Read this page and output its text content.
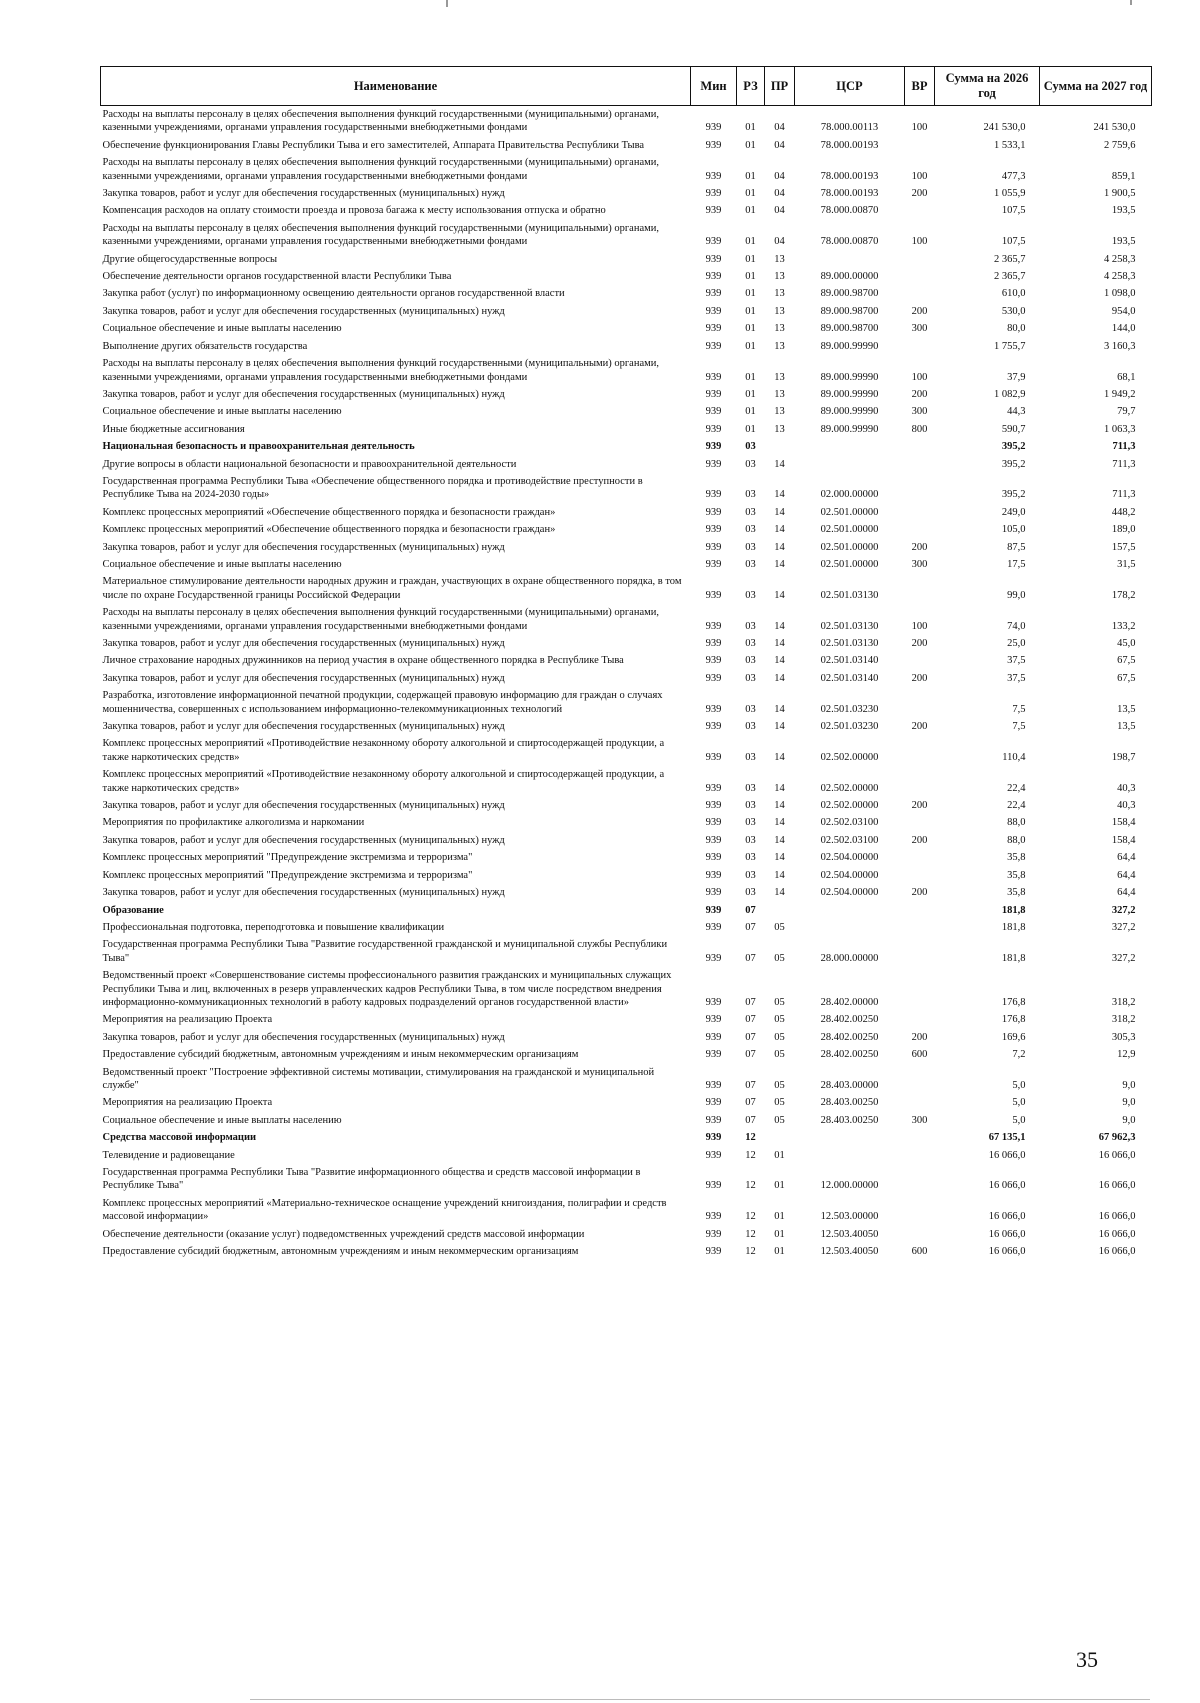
Наименование	Мин	РЗ	ПР	ЦСР	ВР	Сумма на 2026 год	Сумма на 2027 год
Расходы на выплаты персоналу в целях обеспечения выполнения функций государственными (муниципальными) органами, казенными учреждениями, органами управления государственными внебюджетными фондами	939	01	04	78.000.00113	100	241 530,0	241 530,0
Обеспечение функционирования Главы Республики Тыва и его заместителей, Аппарата Правительства Республики Тыва	939	01	04	78.000.00193		1 533,1	2 759,6
Расходы на выплаты персоналу в целях обеспечения выполнения функций государственными (муниципальными) органами, казенными учреждениями, органами управления государственными внебюджетными фондами	939	01	04	78.000.00193	100	477,3	859,1
Закупка товаров, работ и услуг для обеспечения государственных (муниципальных) нужд	939	01	04	78.000.00193	200	1 055,9	1 900,5
Компенсация расходов на оплату стоимости проезда и провоза багажа к месту использования отпуска и обратно	939	01	04	78.000.00870		107,5	193,5
Расходы на выплаты персоналу в целях обеспечения выполнения функций государственными (муниципальными) органами, казенными учреждениями, органами управления государственными внебюджетными фондами	939	01	04	78.000.00870	100	107,5	193,5
Другие общегосударственные вопросы	939	01	13			2 365,7	4 258,3
Обеспечение деятельности органов государственной власти Республики Тыва	939	01	13	89.000.00000		2 365,7	4 258,3
Закупка работ (услуг) по информационному освещению деятельности органов государственной власти	939	01	13	89.000.98700		610,0	1 098,0
Закупка товаров, работ и услуг для обеспечения государственных (муниципальных) нужд	939	01	13	89.000.98700	200	530,0	954,0
Социальное обеспечение и иные выплаты населению	939	01	13	89.000.98700	300	80,0	144,0
Выполнение других обязательств государства	939	01	13	89.000.99990		1 755,7	3 160,3
Расходы на выплаты персоналу в целях обеспечения выполнения функций государственными (муниципальными) органами, казенными учреждениями, органами управления государственными внебюджетными фондами	939	01	13	89.000.99990	100	37,9	68,1
Закупка товаров, работ и услуг для обеспечения государственных (муниципальных) нужд	939	01	13	89.000.99990	200	1 082,9	1 949,2
Социальное обеспечение и иные выплаты населению	939	01	13	89.000.99990	300	44,3	79,7
Иные бюджетные ассигнования	939	01	13	89.000.99990	800	590,7	1 063,3
Национальная безопасность и правоохранительная деятельность	939	03				395,2	711,3
Другие вопросы в области национальной безопасности и правоохранительной деятельности	939	03	14			395,2	711,3
Государственная программа Республики Тыва «Обеспечение общественного порядка и противодействие преступности в Республике Тыва на 2024-2030 годы»	939	03	14	02.000.00000		395,2	711,3
Комплекс процессных мероприятий «Обеспечение общественного порядка и безопасности граждан»	939	03	14	02.501.00000		249,0	448,2
Комплекс процессных мероприятий «Обеспечение общественного порядка и безопасности граждан»	939	03	14	02.501.00000		105,0	189,0
Закупка товаров, работ и услуг для обеспечения государственных (муниципальных) нужд	939	03	14	02.501.00000	200	87,5	157,5
Социальное обеспечение и иные выплаты населению	939	03	14	02.501.00000	300	17,5	31,5
Материальное стимулирование деятельности народных дружин и граждан, участвующих в охране общественного порядка, в том числе по охране Государственной границы Российской Федерации	939	03	14	02.501.03130		99,0	178,2
Расходы на выплаты персоналу в целях обеспечения выполнения функций государственными (муниципальными) органами, казенными учреждениями, органами управления государственными внебюджетными фондами	939	03	14	02.501.03130	100	74,0	133,2
Закупка товаров, работ и услуг для обеспечения государственных (муниципальных) нужд	939	03	14	02.501.03130	200	25,0	45,0
Личное страхование народных дружинников на период участия в охране общественного порядка в Республике Тыва	939	03	14	02.501.03140		37,5	67,5
Закупка товаров, работ и услуг для обеспечения государственных (муниципальных) нужд	939	03	14	02.501.03140	200	37,5	67,5
Разработка, изготовление информационной печатной продукции, содержащей правовую информацию для граждан о случаях мошенничества, совершенных с использованием информационно-телекоммуникационных технологий	939	03	14	02.501.03230		7,5	13,5
Закупка товаров, работ и услуг для обеспечения государственных (муниципальных) нужд	939	03	14	02.501.03230	200	7,5	13,5
Комплекс процессных мероприятий «Противодействие незаконному обороту алкогольной и спиртосодержащей продукции, а также наркотических средств»	939	03	14	02.502.00000		110,4	198,7
Комплекс процессных мероприятий «Противодействие незаконному обороту алкогольной и спиртосодержащей продукции, а также наркотических средств»	939	03	14	02.502.00000		22,4	40,3
Закупка товаров, работ и услуг для обеспечения государственных (муниципальных) нужд	939	03	14	02.502.00000	200	22,4	40,3
Мероприятия по профилактике алкоголизма и наркомании	939	03	14	02.502.03100		88,0	158,4
Закупка товаров, работ и услуг для обеспечения государственных (муниципальных) нужд	939	03	14	02.502.03100	200	88,0	158,4
Комплекс процессных мероприятий "Предупреждение экстремизма и терроризма"	939	03	14	02.504.00000		35,8	64,4
Комплекс процессных мероприятий "Предупреждение экстремизма и терроризма"	939	03	14	02.504.00000		35,8	64,4
Закупка товаров, работ и услуг для обеспечения государственных (муниципальных) нужд	939	03	14	02.504.00000	200	35,8	64,4
Образование	939	07				181,8	327,2
Профессиональная подготовка, переподготовка и повышение квалификации	939	07	05			181,8	327,2
Государственная программа Республики Тыва "Развитие государственной гражданской и муниципальной службы Республики Тыва"	939	07	05	28.000.00000		181,8	327,2
Ведомственный проект «Совершенствование системы профессионального развития гражданских и муниципальных служащих Республики Тыва и лиц, включенных в резерв управленческих кадров Республики Тыва, в том числе посредством внедрения информационно-коммуникационных технологий в работу кадровых подразделений органов государственной власти»	939	07	05	28.402.00000		176,8	318,2
Мероприятия на реализацию Проекта	939	07	05	28.402.00250		176,8	318,2
Закупка товаров, работ и услуг для обеспечения государственных (муниципальных) нужд	939	07	05	28.402.00250	200	169,6	305,3
Предоставление субсидий бюджетным, автономным учреждениям и иным некоммерческим организациям	939	07	05	28.402.00250	600	7,2	12,9
Ведомственный проект "Построение эффективной системы мотивации, стимулирования на гражданской и муниципальной службе"	939	07	05	28.403.00000		5,0	9,0
Мероприятия на реализацию Проекта	939	07	05	28.403.00250		5,0	9,0
Социальное обеспечение и иные выплаты населению	939	07	05	28.403.00250	300	5,0	9,0
Средства массовой информации	939	12				67 135,1	67 962,3
Телевидение и радиовещание	939	12	01			16 066,0	16 066,0
Государственная программа Республики Тыва "Развитие информационного общества и средств массовой информации в Республике Тыва"	939	12	01	12.000.00000		16 066,0	16 066,0
Комплекс процессных мероприятий «Материально-техническое оснащение учреждений книгоиздания, полиграфии и средств массовой информации»	939	12	01	12.503.00000		16 066,0	16 066,0
Обеспечение деятельности (оказание услуг) подведомственных учреждений средств массовой информации	939	12	01	12.503.40050		16 066,0	16 066,0
Предоставление субсидий бюджетным, автономным учреждениям и иным некоммерческим организациям	939	12	01	12.503.40050	600	16 066,0	16 066,0
35
